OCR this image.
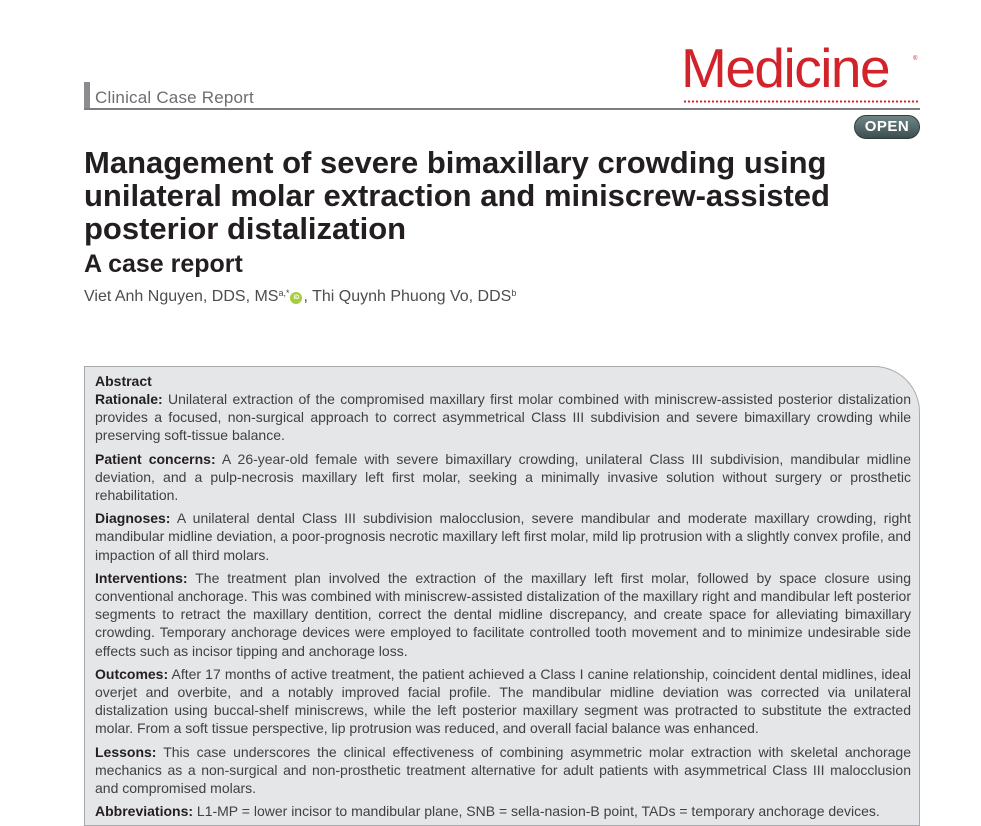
Clinical Case Report	Medicine	®
OPEN
Management of severe bimaxillary crowding using unilateral molar extraction and miniscrew-assisted posterior distalization
A case report
Viet Anh Nguyen, DDS, $MS^{a,*}$ iD , Thi Quynh Phuong Vo, DDS$^b$
Abstract

Rationale: Unilateral extraction of the compromised maxillary first molar combined with miniscrew-assisted posterior distalization provides a focused, non-surgical approach to correct asymmetrical Class III subdivision and severe bimaxillary crowding while preserving soft-tissue balance.

Patient concerns: A 26-year-old female with severe bimaxillary crowding, unilateral Class III subdivision, mandibular midline deviation, and a pulp-necrosis maxillary left first molar, seeking a minimally invasive solution without surgery or prosthetic rehabilitation.

Diagnoses: A unilateral dental Class III subdivision malocclusion, severe mandibular and moderate maxillary crowding, right mandibular midline deviation, a poor-prognosis necrotic maxillary left first molar, mild lip protrusion with a slightly convex profile, and impaction of all third molars.

Interventions: The treatment plan involved the extraction of the maxillary left first molar, followed by space closure using conventional anchorage. This was combined with miniscrew-assisted distalization of the maxillary right and mandibular left posterior segments to retract the maxillary dentition, correct the dental midline discrepancy, and create space for alleviating bimaxillary crowding. Temporary anchorage devices were employed to facilitate controlled tooth movement and to minimize undesirable side effects such as incisor tipping and anchorage loss.

Outcomes: After 17 months of active treatment, the patient achieved a Class I canine relationship, coincident dental midlines, ideal overjet and overbite, and a notably improved facial profile. The mandibular midline deviation was corrected via unilateral distalization using buccal-shelf miniscrews, while the left posterior maxillary segment was protracted to substitute the extracted molar. From a soft tissue perspective, lip protrusion was reduced, and overall facial balance was enhanced.

Lessons: This case underscores the clinical effectiveness of combining asymmetric molar extraction with skeletal anchorage mechanics as a non-surgical and non-prosthetic treatment alternative for adult patients with asymmetrical Class III malocclusion and compromised molars.

Abbreviations: L1-MP = lower incisor to mandibular plane, SNB = sella-nasion-B point, TADs = temporary anchorage devices.
